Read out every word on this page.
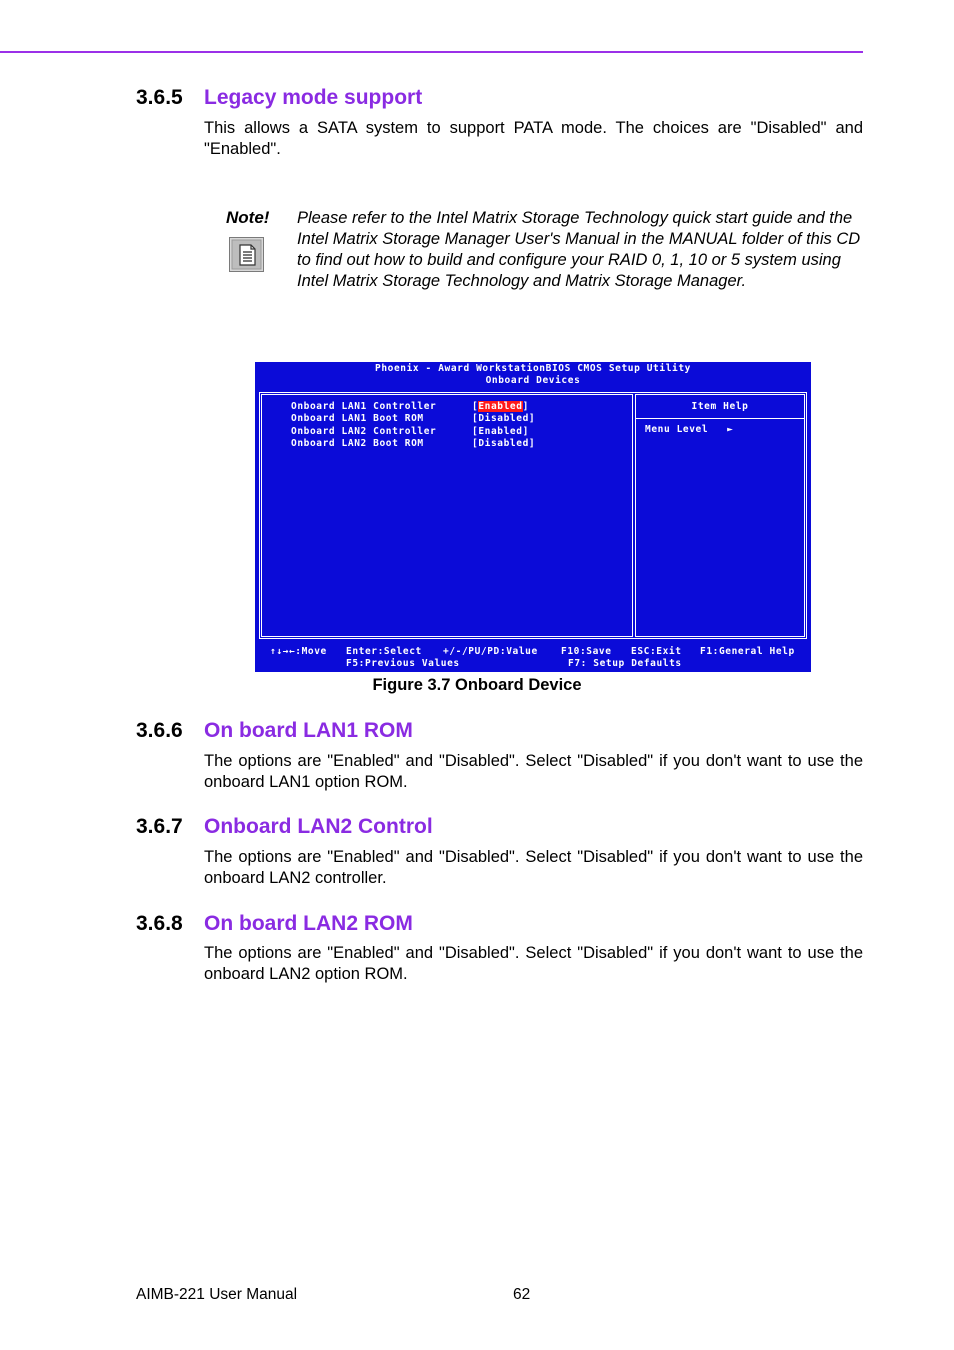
3.6.5 Legacy mode support
This allows a SATA system to support PATA mode. The choices are "Disabled" and "Enabled".
Note! Please refer to the Intel Matrix Storage Technology quick start guide and the Intel Matrix Storage Manager User's Manual in the MANUAL folder of this CD to find out how to build and configure your RAID 0, 1, 10 or 5 system using Intel Matrix Storage Technology and Matrix Storage Manager.
Phoenix - Award WorkstationBIOS CMOS Setup Utility
Onboard Devices
Onboard LAN1 Controller	[Enabled]
Onboard LAN1 Boot ROM	[Disabled]
Onboard LAN2 Controller	[Enabled]
Onboard LAN2 Boot ROM	[Disabled]
Item Help
Menu Level   ►
↑↓→←:Move Enter:Select +/-/PU/PD:Value F10:Save ESC:Exit F1:General Help
F5:Previous Values	F7: Setup Defaults
Figure 3.7 Onboard Device
3.6.6 On board LAN1 ROM
The options are "Enabled" and "Disabled". Select "Disabled" if you don't want to use the onboard LAN1 option ROM.
3.6.7 Onboard LAN2 Control
The options are "Enabled" and "Disabled". Select "Disabled" if you don't want to use the onboard LAN2 controller.
3.6.8 On board LAN2 ROM
The options are "Enabled" and "Disabled". Select "Disabled" if you don't want to use the onboard LAN2 option ROM.
AIMB-221 User Manual	62
